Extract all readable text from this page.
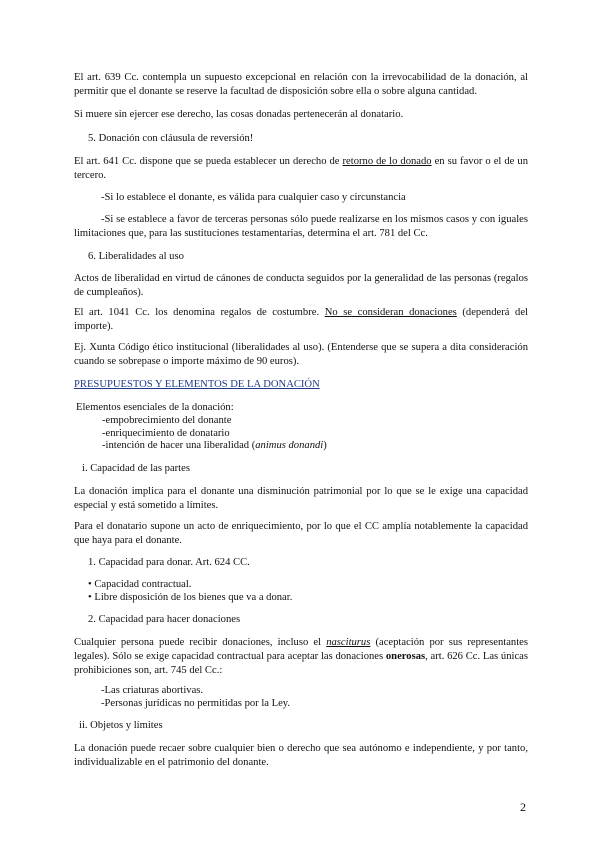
El art. 639 Cc. contempla un supuesto excepcional en relación con la irrevocabilidad de la donación, al permitir que el donante se reserve la facultad de disposición sobre ella o sobre alguna cantidad.

Si muere sin ejercer ese derecho, las cosas donadas pertenecerán al donatario.

5. Donación con cláusula de reversión!

El art. 641 Cc. dispone que se pueda establecer un derecho de retorno de lo donado en su favor o el de un tercero.

-Si lo establece el donante, es válida para cualquier caso y circunstancia

-Si se establece a favor de terceras personas sólo puede realizarse en los mismos casos y con iguales limitaciones que, para las sustituciones testamentarias, determina el art. 781 del Cc.

6. Liberalidades al uso

Actos de liberalidad en virtud de cánones de conducta seguidos por la generalidad de las personas (regalos de cumpleaños).

El art. 1041 Cc. los denomina regalos de costumbre. No se consideran donaciones (dependerá del importe).

Ej. Xunta Código ético institucional (liberalidades al uso). (Entenderse que se supera a dita consideración cuando se sobrepase o importe máximo de 90 euros).

PRESUPUESTOS Y ELEMENTOS DE LA DONACIÓN

Elementos esenciales de la donación:

-empobrecimiento del donante

-enriquecimiento de donatario

-intención de hacer una liberalidad (animus donandi)

i. Capacidad de las partes

La donación implica para el donante una disminución patrimonial por lo que se le exige una capacidad especial y está sometido a límites.

Para el donatario supone un acto de enriquecimiento, por lo que el CC amplía notablemente la capacidad que haya para el donante.

1. Capacidad para donar. Art. 624 CC.

• Capacidad contractual.

• Libre disposición de los bienes que va a donar.

2. Capacidad para hacer donaciones

Cualquier persona puede recibir donaciones, incluso el nasciturus (aceptación por sus representantes legales). Sólo se exige capacidad contractual para aceptar las donaciones onerosas, art. 626 Cc. Las únicas prohibiciones son, art. 745 del Cc.:

-Las criaturas abortivas.

-Personas jurídicas no permitidas por la Ley.

ii. Objetos y límites

La donación puede recaer sobre cualquier bien o derecho que sea autónomo e independiente, y por tanto, individualizable en el patrimonio del donante.

2
